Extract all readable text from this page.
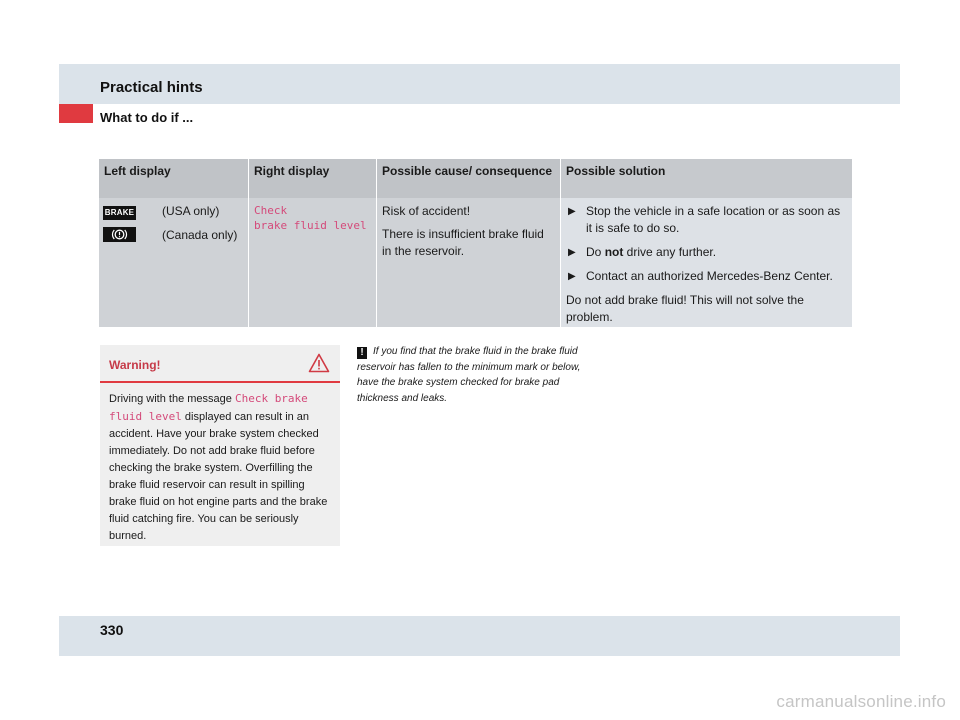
Practical hints
What to do if ...
Left display
BRAKE (USA only)
(Canada only)
Right display
Check
brake fluid level
Possible cause/ consequence

Risk of accident!

There is insufficient brake fluid in the reservoir.

Possible solution
▶ Stop the vehicle in a safe location or as soon as it is safe to do so.
▶ Do not drive any further.
▶ Contact an authorized Mercedes-Benz Center.

Do not add brake fluid! This will not solve the problem.

Warning!
Driving with the message Check brake fluid level displayed can result in an accident. Have your brake system checked immediately. Do not add brake fluid before checking the brake system. Overfilling the brake fluid reservoir can result in spilling brake fluid on hot engine parts and the brake fluid catching fire. You can be seriously burned.
! If you find that the brake fluid in the brake fluid reservoir has fallen to the minimum mark or below, have the brake system checked for brake pad thickness and leaks.
330
carmanualsonline.info
